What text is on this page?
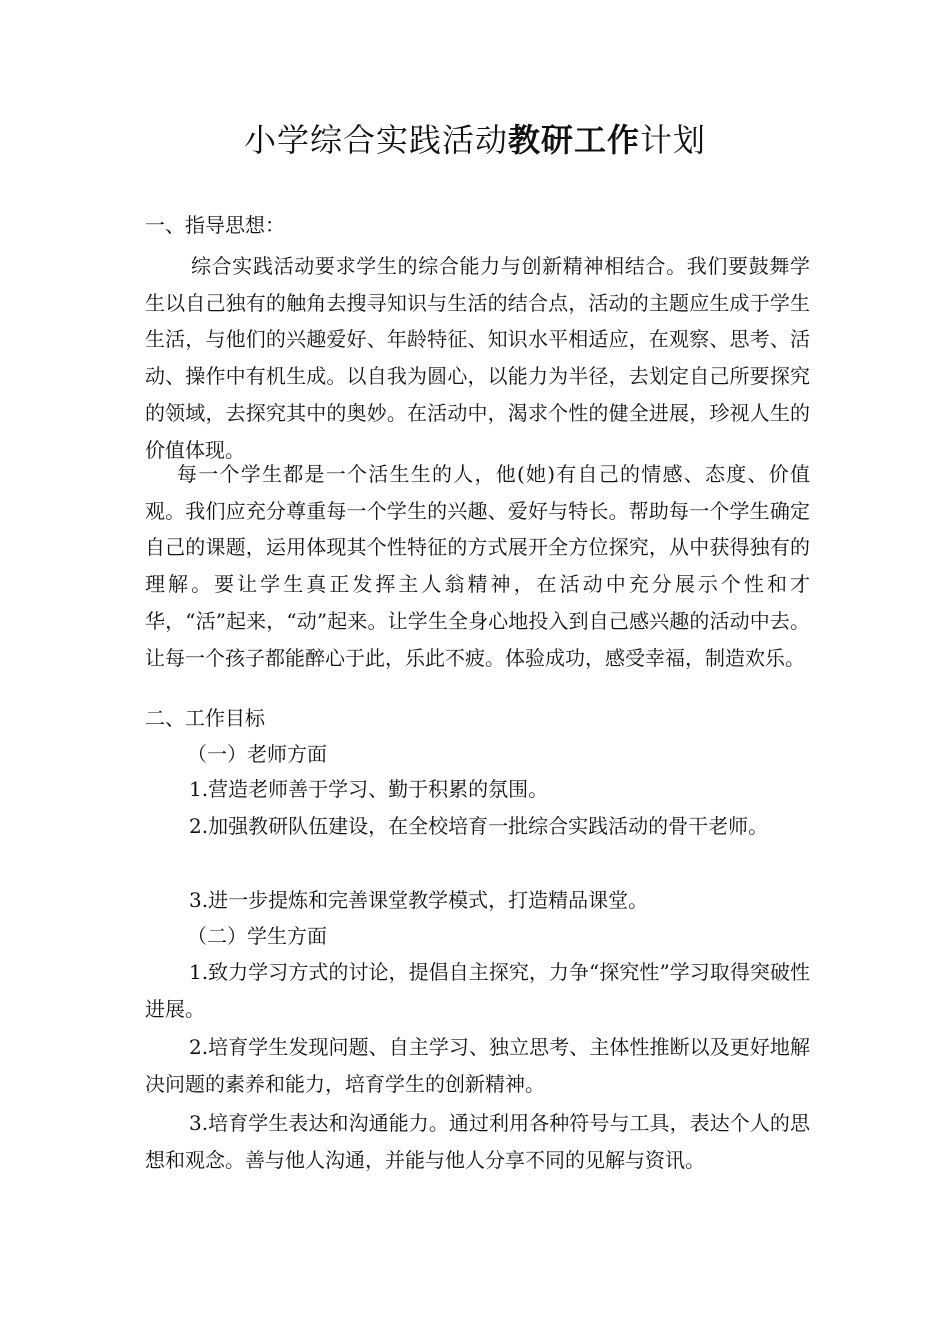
小学综合实践活动教研工作计划
一、指导思想：
综合实践活动要求学生的综合能力与创新精神相结合。我们要鼓舞学生以自己独有的触角去搜寻知识与生活的结合点，活动的主题应生成于学生生活，与他们的兴趣爱好、年龄特征、知识水平相适应，在观察、思考、活动、操作中有机生成。以自我为圆心，以能力为半径，去划定自己所要探究的领域，去探究其中的奥妙。在活动中，渴求个性的健全进展，珍视人生的价值体现。
每一个学生都是一个活生生的人，他(她)有自己的情感、态度、价值观。我们应充分尊重每一个学生的兴趣、爱好与特长。帮助每一个学生确定自己的课题，运用体现其个性特征的方式展开全方位探究，从中获得独有的理解。要让学生真正发挥主人翁精神，在活动中充分展示个性和才华，“活”起来，“动”起来。让学生全身心地投入到自己感兴趣的活动中去。让每一个孩子都能醉心于此，乐此不疲。体验成功，感受幸福，制造欢乐。
二、工作目标
（一）老师方面
1.营造老师善于学习、勤于积累的氛围。
2.加强教研队伍建设，在全校培育一批综合实践活动的骨干老师。
3.进一步提炼和完善课堂教学模式，打造精品课堂。
（二）学生方面
1.致力学习方式的讨论，提倡自主探究，力争“探究性”学习取得突破性进展。
2.培育学生发现问题、自主学习、独立思考、主体性推断以及更好地解决问题的素养和能力，培育学生的创新精神。
3.培育学生表达和沟通能力。通过利用各种符号与工具，表达个人的思想和观念。善与他人沟通，并能与他人分享不同的见解与资讯。
